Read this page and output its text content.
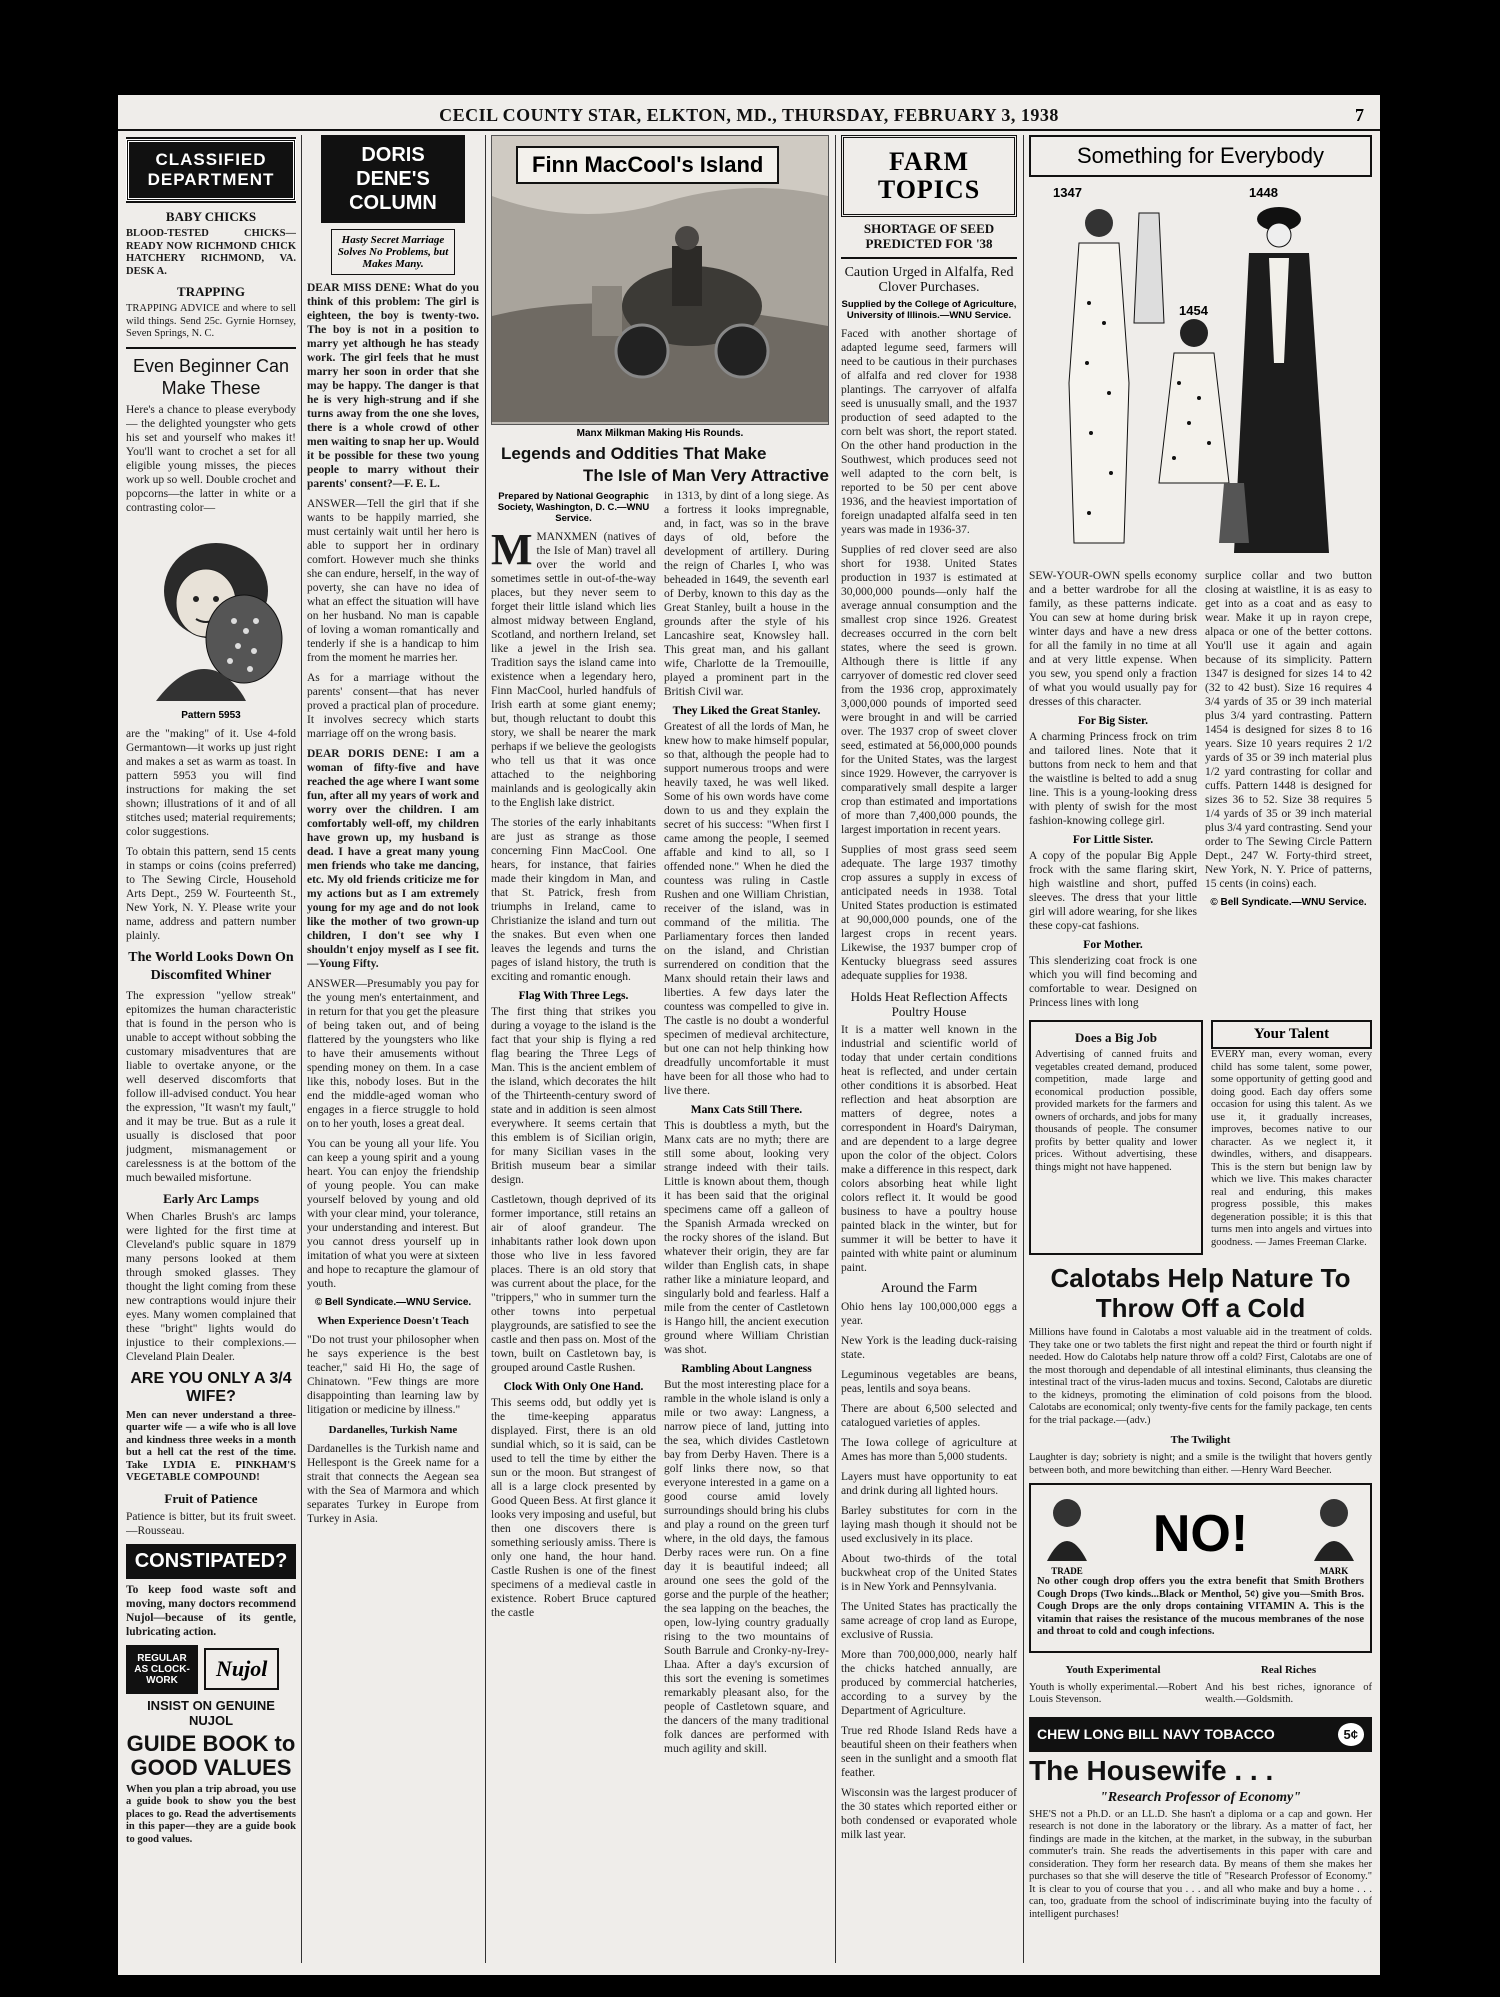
CECIL COUNTY STAR, ELKTON, MD., THURSDAY, FEBRUARY 3, 1938	7
CLASSIFIED DEPARTMENT
BABY CHICKS

BLOOD-TESTED CHICKS—READY NOW RICHMOND CHICK HATCHERY RICHMOND, VA. DESK A.

TRAPPING

TRAPPING ADVICE and where to sell wild things. Send 25c. Gyrnie Hornsey, Seven Springs, N. C.

Even Beginner Can Make These

Here's a chance to please everybody — the delighted youngster who gets his set and yourself who makes it! You'll want to crochet a set for all eligible young misses, the pieces work up so well. Double crochet and popcorns—the latter in white or a contrasting color—

Pattern 5953

are the "making" of it. Use 4-fold Germantown—it works up just right and makes a set as warm as toast. In pattern 5953 you will find instructions for making the set shown; illustrations of it and of all stitches used; material requirements; color suggestions.

To obtain this pattern, send 15 cents in stamps or coins (coins preferred) to The Sewing Circle, Household Arts Dept., 259 W. Fourteenth St., New York, N. Y. Please write your name, address and pattern number plainly.

The World Looks Down On Discomfited Whiner

The expression "yellow streak" epitomizes the human characteristic that is found in the person who is unable to accept without sobbing the customary misadventures that are liable to overtake anyone, or the well deserved discomforts that follow ill-advised conduct. You hear the expression, "It wasn't my fault," and it may be true. But as a rule it usually is disclosed that poor judgment, mismanagement or carelessness is at the bottom of the much bewailed misfortune.

Early Arc Lamps

When Charles Brush's arc lamps were lighted for the first time at Cleveland's public square in 1879 many persons looked at them through smoked glasses. They thought the light coming from these new contraptions would injure their eyes. Many women complained that these "bright" lights would do injustice to their complexions.—Cleveland Plain Dealer.

ARE YOU ONLY A 3/4 WIFE?

Men can never understand a three-quarter wife — a wife who is all love and kindness three weeks in a month but a hell cat the rest of the time. Take LYDIA E. PINKHAM'S VEGETABLE COMPOUND!

Fruit of Patience

Patience is bitter, but its fruit sweet.—Rousseau.

CONSTIPATED?

To keep food waste soft and moving, many doctors recommend Nujol—because of its gentle, lubricating action.

REGULAR AS CLOCK-WORK	Nujol
INSIST ON GENUINE NUJOL
GUIDE BOOK to GOOD VALUES

When you plan a trip abroad, you use a guide book to show you the best places to go. Read the advertisements in this paper—they are a guide book to good values.

DORIS DENE'S COLUMN
Hasty Secret Marriage Solves No Problems, but Makes Many.

DEAR MISS DENE: What do you think of this problem: The girl is eighteen, the boy is twenty-two. The boy is not in a position to marry yet although he has steady work. The girl feels that he must marry her soon in order that she may be happy. The danger is that he is very high-strung and if she turns away from the one she loves, there is a whole crowd of other men waiting to snap her up. Would it be possible for these two young people to marry without their parents' consent?—F. E. L.

ANSWER—Tell the girl that if she wants to be happily married, she must certainly wait until her hero is able to support her in ordinary comfort. However much she thinks she can endure, herself, in the way of poverty, she can have no idea of what an effect the situation will have on her husband. No man is capable of loving a woman romantically and tenderly if she is a handicap to him from the moment he marries her.

As for a marriage without the parents' consent—that has never proved a practical plan of procedure. It involves secrecy which starts marriage off on the wrong basis.

DEAR DORIS DENE: I am a woman of fifty-five and have reached the age where I want some fun, after all my years of work and worry over the children. I am comfortably well-off, my children have grown up, my husband is dead. I have a great many young men friends who take me dancing, etc. My old friends criticize me for my actions but as I am extremely young for my age and do not look like the mother of two grown-up children, I don't see why I shouldn't enjoy myself as I see fit.—Young Fifty.

ANSWER—Presumably you pay for the young men's entertainment, and in return for that you get the pleasure of being taken out, and of being flattered by the youngsters who like to have their amusements without spending money on them. In a case like this, nobody loses. But in the end the middle-aged woman who engages in a fierce struggle to hold on to her youth, loses a great deal.

You can be young all your life. You can keep a young spirit and a young heart. You can enjoy the friendship of young people. You can make yourself beloved by young and old with your clear mind, your tolerance, your understanding and interest. But you cannot dress yourself up in imitation of what you were at sixteen and hope to recapture the glamour of youth.

© Bell Syndicate.—WNU Service.
When Experience Doesn't Teach

"Do not trust your philosopher when he says experience is the best teacher," said Hi Ho, the sage of Chinatown. "Few things are more disappointing than learning law by litigation or medicine by illness."

Dardanelles, Turkish Name

Dardanelles is the Turkish name and Hellespont is the Greek name for a strait that connects the Aegean sea with the Sea of Marmora and which separates Turkey in Europe from Turkey in Asia.

Finn MacCool's Island
Manx Milkman Making His Rounds.
Legends and Oddities That Make
The Isle of Man Very Attractive
Prepared by National Geographic Society, Washington, D. C.—WNU Service.

MMANXMEN (natives of the Isle of Man) travel all over the world and sometimes settle in out-of-the-way places, but they never seem to forget their little island which lies almost midway between England, Scotland, and northern Ireland, set like a jewel in the Irish sea. Tradition says the island came into existence when a legendary hero, Finn MacCool, hurled handfuls of Irish earth at some giant enemy; but, though reluctant to doubt this story, we shall be nearer the mark perhaps if we believe the geologists who tell us that it was once attached to the neighboring mainlands and is geologically akin to the English lake district.

The stories of the early inhabitants are just as strange as those concerning Finn MacCool. One hears, for instance, that fairies made their kingdom in Man, and that St. Patrick, fresh from triumphs in Ireland, came to Christianize the island and turn out the snakes. But even when one leaves the legends and turns the pages of island history, the truth is exciting and romantic enough.

Flag With Three Legs.

The first thing that strikes you during a voyage to the island is the fact that your ship is flying a red flag bearing the Three Legs of Man. This is the ancient emblem of the island, which decorates the hilt of the Thirteenth-century sword of state and in addition is seen almost everywhere. It seems certain that this emblem is of Sicilian origin, for many Sicilian vases in the British museum bear a similar design.

Castletown, though deprived of its former importance, still retains an air of aloof grandeur. The inhabitants rather look down upon those who live in less favored places. There is an old story that was current about the place, for the "trippers," who in summer turn the other towns into perpetual playgrounds, are satisfied to see the castle and then pass on. Most of the town, built on Castletown bay, is grouped around Castle Rushen.

Clock With Only One Hand.

This seems odd, but oddly yet is the time-keeping apparatus displayed. First, there is an old sundial which, so it is said, can be used to tell the time by either the sun or the moon. But strangest of all is a large clock presented by Good Queen Bess. At first glance it looks very imposing and useful, but then one discovers there is something seriously amiss. There is only one hand, the hour hand. Castle Rushen is one of the finest specimens of a medieval castle in existence. Robert Bruce captured the castle

in 1313, by dint of a long siege. As a fortress it looks impregnable, and, in fact, was so in the brave days of old, before the development of artillery. During the reign of Charles I, who was beheaded in 1649, the seventh earl of Derby, known to this day as the Great Stanley, built a house in the grounds after the style of his Lancashire seat, Knowsley hall. This great man, and his gallant wife, Charlotte de la Tremouille, played a prominent part in the British Civil war.

They Liked the Great Stanley.

Greatest of all the lords of Man, he knew how to make himself popular, so that, although the people had to support numerous troops and were heavily taxed, he was well liked. Some of his own words have come down to us and they explain the secret of his success: "When first I came among the people, I seemed affable and kind to all, so I offended none." When he died the countess was ruling in Castle Rushen and one William Christian, receiver of the island, was in command of the militia. The Parliamentary forces then landed on the island, and Christian surrendered on condition that the Manx should retain their laws and liberties. A few days later the countess was compelled to give in. The castle is no doubt a wonderful specimen of medieval architecture, but one can not help thinking how dreadfully uncomfortable it must have been for all those who had to live there.

Manx Cats Still There.

This is doubtless a myth, but the Manx cats are no myth; there are still some about, looking very strange indeed with their tails. Little is known about them, though it has been said that the original specimens came off a galleon of the Spanish Armada wrecked on the rocky shores of the island. But whatever their origin, they are far wilder than English cats, in shape rather like a miniature leopard, and singularly bold and fearless. Half a mile from the center of Castletown is Hango hill, the ancient execution ground where William Christian was shot.

Rambling About Langness

But the most interesting place for a ramble in the whole island is only a mile or two away: Langness, a narrow piece of land, jutting into the sea, which divides Castletown bay from Derby Haven. There is a golf links there now, so that everyone interested in a game on a good course amid lovely surroundings should bring his clubs and play a round on the green turf where, in the old days, the famous Derby races were run. On a fine day it is beautiful indeed; all around one sees the gold of the gorse and the purple of the heather; the sea lapping on the beaches, the open, low-lying country gradually rising to the two mountains of South Barrule and Cronky-ny-Irey-Lhaa. After a day's excursion of this sort the evening is sometimes remarkably pleasant also, for the people of Castletown square, and the dancers of the many traditional folk dances are performed with much agility and skill.

FARM TOPICS
SHORTAGE OF SEED PREDICTED FOR '38
Caution Urged in Alfalfa, Red Clover Purchases.
Supplied by the College of Agriculture, University of Illinois.—WNU Service.

Faced with another shortage of adapted legume seed, farmers will need to be cautious in their purchases of alfalfa and red clover for 1938 plantings. The carryover of alfalfa seed is unusually small, and the 1937 production of seed adapted to the corn belt was short, the report stated. On the other hand production in the Southwest, which produces seed not well adapted to the corn belt, is reported to be 50 per cent above 1936, and the heaviest importation of foreign unadapted alfalfa seed in ten years was made in 1936-37.

Supplies of red clover seed are also short for 1938. United States production in 1937 is estimated at 30,000,000 pounds—only half the average annual consumption and the smallest crop since 1926. Greatest decreases occurred in the corn belt states, where the seed is grown. Although there is little if any carryover of domestic red clover seed from the 1936 crop, approximately 3,000,000 pounds of imported seed were brought in and will be carried over. The 1937 crop of sweet clover seed, estimated at 56,000,000 pounds for the United States, was the largest since 1929. However, the carryover is comparatively small despite a larger crop than estimated and importations of more than 7,400,000 pounds, the largest importation in recent years.

Supplies of most grass seed seem adequate. The large 1937 timothy crop assures a supply in excess of anticipated needs in 1938. Total United States production is estimated at 90,000,000 pounds, one of the largest crops in recent years. Likewise, the 1937 bumper crop of Kentucky bluegrass seed assures adequate supplies for 1938.

Holds Heat Reflection Affects Poultry House

It is a matter well known in the industrial and scientific world of today that under certain conditions heat is reflected, and under certain other conditions it is absorbed. Heat reflection and heat absorption are matters of degree, notes a correspondent in Hoard's Dairyman, and are dependent to a large degree upon the color of the object. Colors make a difference in this respect, dark colors absorbing heat while light colors reflect it. It would be good business to have a poultry house painted black in the winter, but for summer it will be better to have it painted with white paint or aluminum paint.

Around the Farm

Ohio hens lay 100,000,000 eggs a year.

New York is the leading duck-raising state.

Leguminous vegetables are beans, peas, lentils and soya beans.

There are about 6,500 selected and catalogued varieties of apples.

The Iowa college of agriculture at Ames has more than 5,000 students.

Layers must have opportunity to eat and drink during all lighted hours.

Barley substitutes for corn in the laying mash though it should not be used exclusively in its place.

About two-thirds of the total buckwheat crop of the United States is in New York and Pennsylvania.

The United States has practically the same acreage of crop land as Europe, exclusive of Russia.

More than 700,000,000, nearly half the chicks hatched annually, are produced by commercial hatcheries, according to a survey by the Department of Agriculture.

True red Rhode Island Reds have a beautiful sheen on their feathers when seen in the sunlight and a smooth flat feather.

Wisconsin was the largest producer of the 30 states which reported either or both condensed or evaporated whole milk last year.

Something for Everybody
1347	1448
1454

SEW-YOUR-OWN spells economy and a better wardrobe for all the family, as these patterns indicate. You can sew at home during brisk winter days and have a new dress for all the family in no time at all and at very little expense. When you sew, you spend only a fraction of what you would usually pay for dresses of this character.

For Big Sister.

A charming Princess frock on trim and tailored lines. Note that it buttons from neck to hem and that the waistline is belted to add a snug line. This is a young-looking dress with plenty of swish for the most fashion-knowing college girl.

For Little Sister.

A copy of the popular Big Apple frock with the same flaring skirt, high waistline and short, puffed sleeves. The dress that your little girl will adore wearing, for she likes these copy-cat fashions.

For Mother.

This slenderizing coat frock is one which you will find becoming and comfortable to wear. Designed on Princess lines with long

surplice collar and two button closing at waistline, it is as easy to get into as a coat and as easy to wear. Make it up in rayon crepe, alpaca or one of the better cottons. You'll use it again and again because of its simplicity. Pattern 1347 is designed for sizes 14 to 42 (32 to 42 bust). Size 16 requires 4 3/4 yards of 35 or 39 inch material plus 3/4 yard contrasting. Pattern 1454 is designed for sizes 8 to 16 years. Size 10 years requires 2 1/2 yards of 35 or 39 inch material plus 1/2 yard contrasting for collar and cuffs. Pattern 1448 is designed for sizes 36 to 52. Size 38 requires 5 1/4 yards of 35 or 39 inch material plus 3/4 yard contrasting. Send your order to The Sewing Circle Pattern Dept., 247 W. Forty-third street, New York, N. Y. Price of patterns, 15 cents (in coins) each.

© Bell Syndicate.—WNU Service.
Does a Big Job

Advertising of canned fruits and vegetables created demand, produced competition, made large and economical production possible, provided markets for the farmers and owners of orchards, and jobs for many thousands of people. The consumer profits by better quality and lower prices. Without advertising, these things might not have happened.

Your Talent

EVERY man, every woman, every child has some talent, some power, some opportunity of getting good and doing good. Each day offers some occasion for using this talent. As we use it, it gradually increases, improves, becomes native to our character. As we neglect it, it dwindles, withers, and disappears. This is the stern but benign law by which we live. This makes character real and enduring, this makes progress possible, this makes degeneration possible; it is this that turns men into angels and virtues into goodness. — James Freeman Clarke.

Calotabs Help Nature To Throw Off a Cold

Millions have found in Calotabs a most valuable aid in the treatment of colds. They take one or two tablets the first night and repeat the third or fourth night if needed. How do Calotabs help nature throw off a cold? First, Calotabs are one of the most thorough and dependable of all intestinal eliminants, thus cleansing the intestinal tract of the virus-laden mucus and toxins. Second, Calotabs are diuretic to the kidneys, promoting the elimination of cold poisons from the blood. Calotabs are economical; only twenty-five cents for the family package, ten cents for the trial package.—(adv.)

The Twilight

Laughter is day; sobriety is night; and a smile is the twilight that hovers gently between both, and more bewitching than either. —Henry Ward Beecher.

TRADE
NO!
MARK

No other cough drop offers you the extra benefit that Smith Brothers Cough Drops (Two kinds...Black or Menthol, 5¢) give you—Smith Bros. Cough Drops are the only drops containing VITAMIN A. This is the vitamin that raises the resistance of the mucous membranes of the nose and throat to cold and cough infections.

Youth Experimental

Youth is wholly experimental.—Robert Louis Stevenson.

Real Riches

And his best riches, ignorance of wealth.—Goldsmith.

CHEW LONG BILL NAVY TOBACCO	5¢
The Housewife . . .
"Research Professor of Economy"

SHE'S not a Ph.D. or an LL.D. She hasn't a diploma or a cap and gown. Her research is not done in the laboratory or the library. As a matter of fact, her findings are made in the kitchen, at the market, in the subway, in the suburban commuter's train. She reads the advertisements in this paper with care and consideration. They form her research data. By means of them she makes her purchases so that she will deserve the title of "Research Professor of Economy." It is clear to you of course that you . . . and all who make and buy a home . . . can, too, graduate from the school of indiscriminate buying into the faculty of intelligent purchases!
